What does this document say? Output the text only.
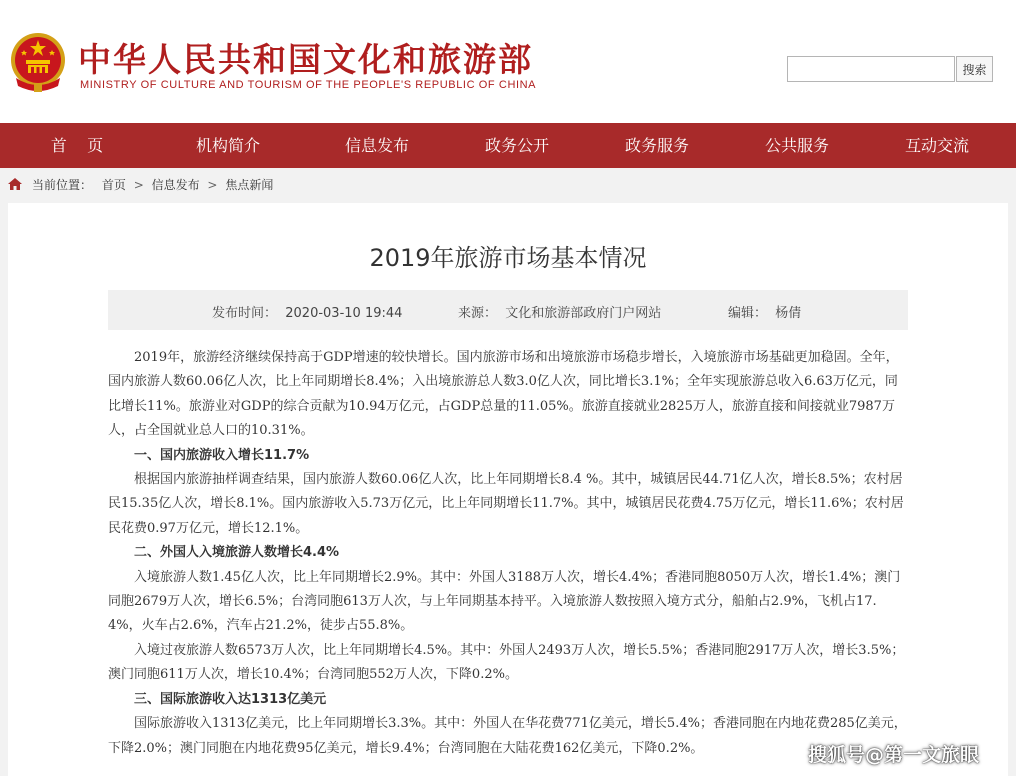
中华人民共和国文化和旅游部
MINISTRY OF CULTURE AND TOURISM OF THE PEOPLE'S REPUBLIC OF CHINA
搜索
首    页	机构简介	信息发布	政务公开	政务服务	公共服务	互动交流
当前位置： 首页 > 信息发布 > 焦点新闻
2019年旅游市场基本情况
发布时间：  2020-03-10 19:44	来源：  文化和旅游部政府门户网站	编辑：  杨倩

2019年，旅游经济继续保持高于GDP增速的较快增长。国内旅游市场和出境旅游市场稳步增长，入境旅游市场基础更加稳固。全年，国内旅游人数60.06亿人次，比上年同期增长8.4%；入出境旅游总人数3.0亿人次，同比增长3.1%；全年实现旅游总收入6.63万亿元，同比增长11%。旅游业对GDP的综合贡献为10.94万亿元，占GDP总量的11.05%。旅游直接就业2825万人，旅游直接和间接就业7987万人，占全国就业总人口的10.31%。

一、国内旅游收入增长11.7%

根据国内旅游抽样调查结果，国内旅游人数60.06亿人次，比上年同期增长8.4 %。其中，城镇居民44.71亿人次，增长8.5%；农村居民15.35亿人次，增长8.1%。国内旅游收入5.73万亿元，比上年同期增长11.7%。其中，城镇居民花费4.75万亿元，增长11.6%；农村居民花费0.97万亿元，增长12.1%。

二、外国人入境旅游人数增长4.4%

入境旅游人数1.45亿人次，比上年同期增长2.9%。其中：外国人3188万人次，增长4.4%；香港同胞8050万人次，增长1.4%；澳门同胞2679万人次，增长6.5%；台湾同胞613万人次，与上年同期基本持平。入境旅游人数按照入境方式分，船舶占2.9%，飞机占17.4%，火车占2.6%，汽车占21.2%，徒步占55.8%。

入境过夜旅游人数6573万人次，比上年同期增长4.5%。其中：外国人2493万人次，增长5.5%；香港同胞2917万人次，增长3.5%；澳门同胞611万人次，增长10.4%；台湾同胞552万人次，下降0.2%。

三、国际旅游收入达1313亿美元

国际旅游收入1313亿美元，比上年同期增长3.3%。其中：外国人在华花费771亿美元，增长5.4%；香港同胞在内地花费285亿美元，下降2.0%；澳门同胞在内地花费95亿美元，增长9.4%；台湾同胞在大陆花费162亿美元，下降0.2%。	搜狐号@第一文旅眼
